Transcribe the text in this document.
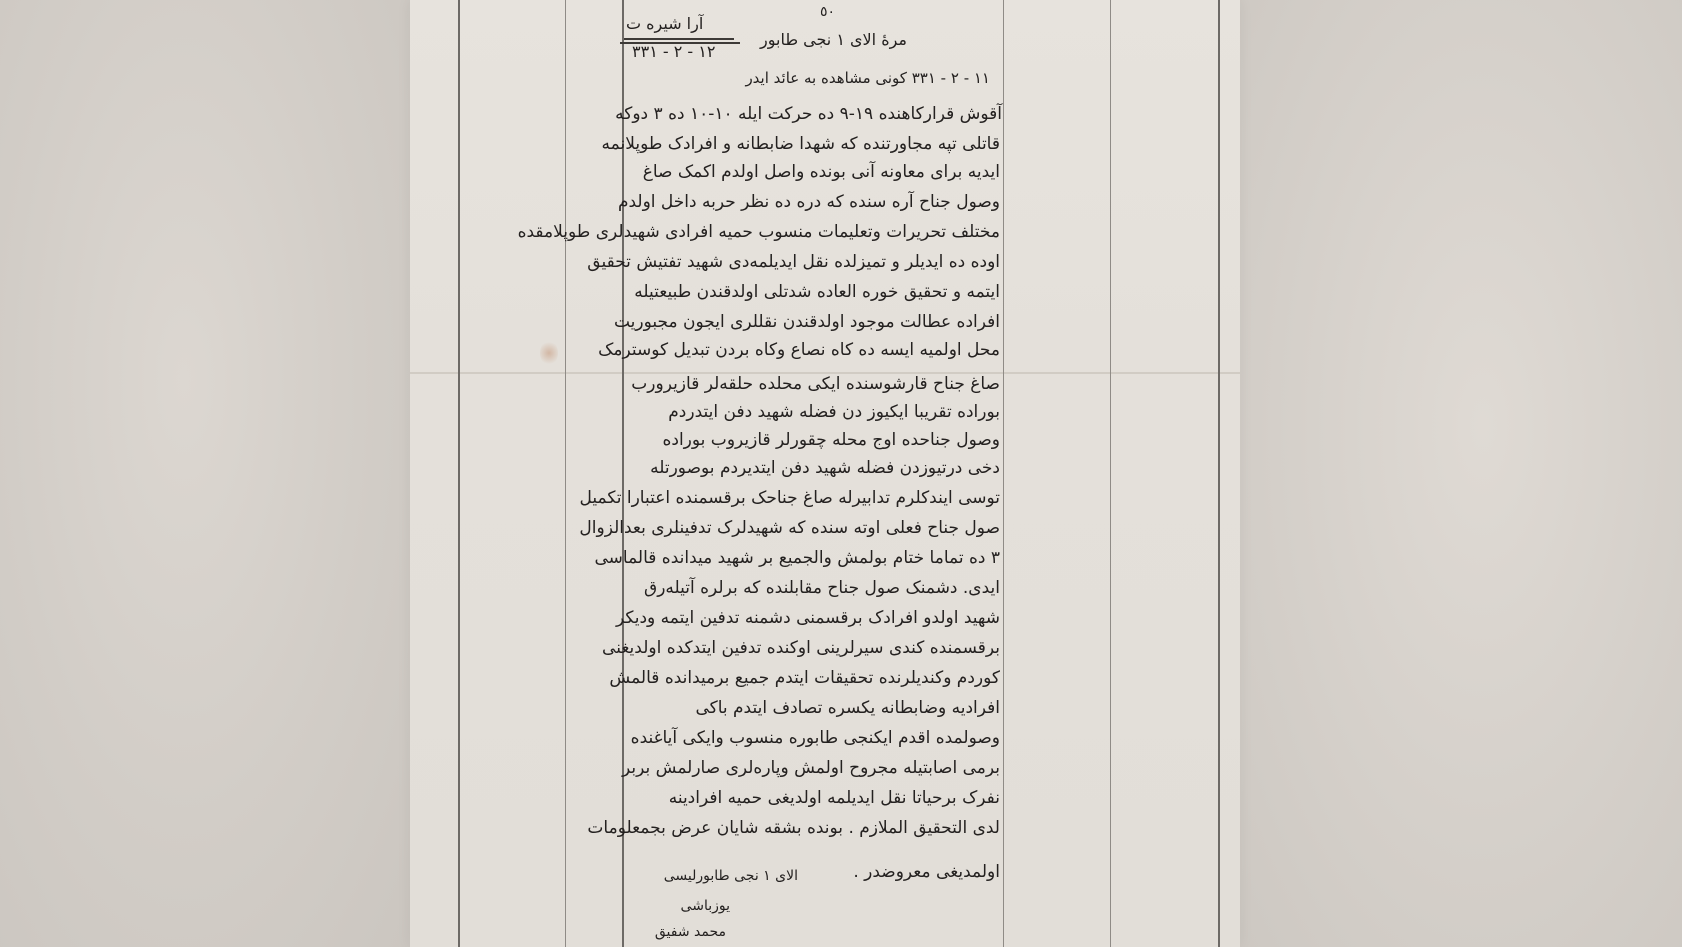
٥٠
مرۀ الای ۱ نجی طابور
آرا شیره ت
۱۲ - ۲ - ۳۳۱
۱۱ - ۲ - ۳۳۱ کونی مشاهده به عائد ایدر
آقوش قرارکاهنده ۱۹-۹ ده حرکت ایله ۱۰-۱۰ ده ۳ دوکه
قاتلی تپه مجاورتنده که شهدا ضابطانه و افرادک طوپلانمه
ایدیه برای معاونه آنی بونده واصل اولدم اکمک صاغ
وصول جناح آره سنده که دره ده نظر حربه داخل اولدم
مختلف تحریرات وتعلیمات منسوب حمیه افرادی شهیدلری طوپلامقده
اوده ده ایدیلر و تمیزلده نقل ایدیلمه‌دی شهید تفتیش تحقیق
ایتمه و تحقیق خوره العاده شدتلی اولدقندن طبیعتیله
افراده عطالت موجود اولدقندن نقللری ایجون مجبوریت
محل اولمیه ایسه ده کاه نصاع وکاه بردن تبدیل کوسترمک
صاغ جناح قارشوسنده ایکی محلده حلقه‌لر قازیرورب
بوراده تقریبا ایکیوز دن فضله شهید دفن ایتدردم
وصول جناحده اوج محله چقورلر قازیروب بوراده
دخی درتیوزدن فضله شهید دفن ایتدیردم بوصورتله
توسی ایندکلرم تدابیرله صاغ جناحک برقسمنده اعتبارا تکمیل
صول جناح فعلی اوته سنده که شهیدلرک تدفینلری بعدالزوال
۳ ده تماما ختام بولمش والجمیع بر شهید میدانده قالماسی
ایدی. دشمنک صول جناح مقابلنده که برلره آتیله‌رق
شهید اولدو افرادک برقسمنی دشمنه تدفین ایتمه ودیکر
برقسمنده کندی سیرلرینی اوکنده تدفین ایتدکده اولدیغنی
کوردم وکندیلرنده تحقیقات ایتدم جمیع برمیدانده قالمش
افرادیه وضابطانه یکسره تصادف ایتدم باکی
وصولمده اقدم ایکنجی طابوره منسوب وایکی آیاغنده
برمی اصابتیله مجروح اولمش وپاره‌لری صارلمش بربر
نفرک برحیاتا نقل ایدیلمه اولدیغی حمیه افرادینه
لدی التحقیق الملازم . بونده بشقه شایان عرض بجمعلومات
اولمدیغی معروضدر .
الای ۱ نجی طابورلیسی
یوزباشی
محمد شفیق
